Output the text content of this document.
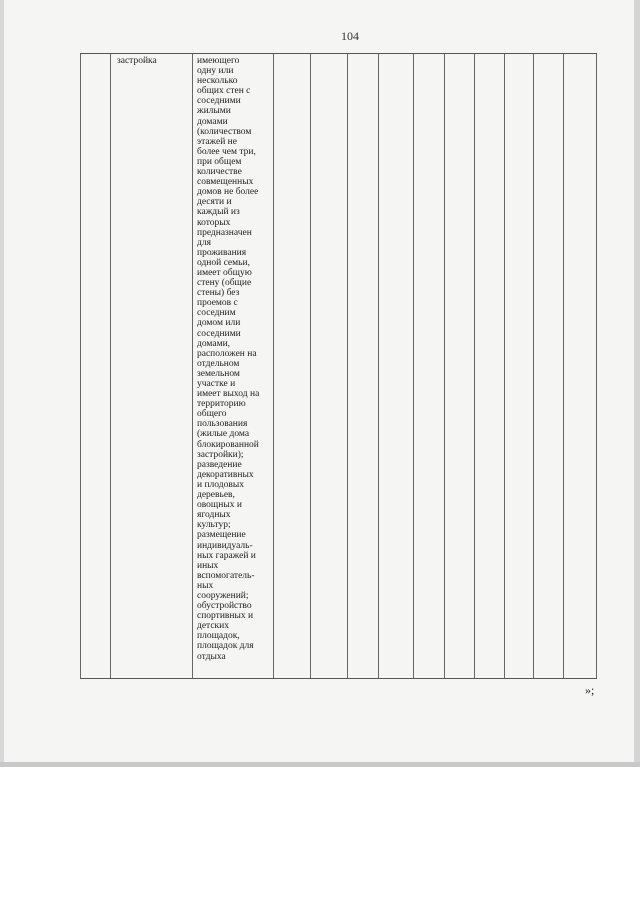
104
застройка	имеющего
одну или
несколько
общих стен с
соседними
жилыми
домами
(количеством
этажей не
более чем три,
при общем
количестве
совмещенных
домов не более
десяти и
каждый из
которых
предназначен
для
проживания
одной семьи,
имеет общую
стену (общие
стены) без
проемов с
соседним
домом или
соседними
домами,
расположен на
отдельном
земельном
участке и
имеет выход на
территорию
общего
пользования
(жилые дома
блокированной
застройки);
разведение
декоративных
и плодовых
деревьев,
овощных и
ягодных
культур;
размещение
индивидуаль-
ных гаражей и
иных
вспомогатель-
ных
сооружений;
обустройство
спортивных и
детских
площадок,
площадок для
отдыха
»;
